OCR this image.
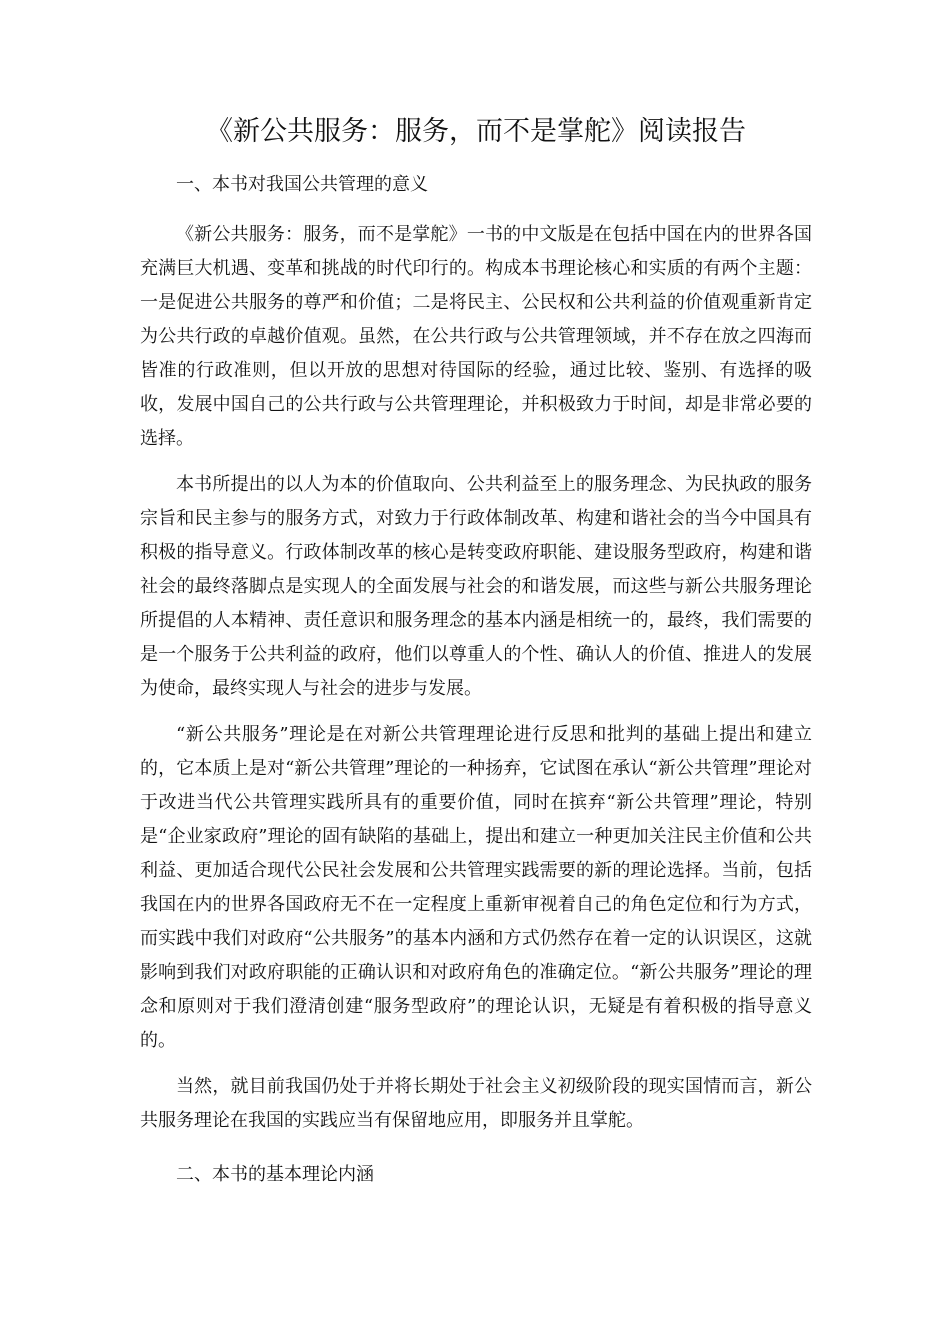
《新公共服务：服务，而不是掌舵》阅读报告

一、本书对我国公共管理的意义

《新公共服务：服务，而不是掌舵》一书的中文版是在包括中国在内的世界各国充满巨大机遇、变革和挑战的时代印行的。构成本书理论核心和实质的有两个主题：一是促进公共服务的尊严和价值；二是将民主、公民权和公共利益的价值观重新肯定为公共行政的卓越价值观。虽然，在公共行政与公共管理领域，并不存在放之四海而皆准的行政准则，但以开放的思想对待国际的经验，通过比较、鉴别、有选择的吸收，发展中国自己的公共行政与公共管理理论，并积极致力于时间，却是非常必要的选择。

本书所提出的以人为本的价值取向、公共利益至上的服务理念、为民执政的服务宗旨和民主参与的服务方式，对致力于行政体制改革、构建和谐社会的当今中国具有积极的指导意义。行政体制改革的核心是转变政府职能、建设服务型政府，构建和谐社会的最终落脚点是实现人的全面发展与社会的和谐发展，而这些与新公共服务理论所提倡的人本精神、责任意识和服务理念的基本内涵是相统一的，最终，我们需要的是一个服务于公共利益的政府，他们以尊重人的个性、确认人的价值、推进人的发展为使命，最终实现人与社会的进步与发展。

“新公共服务”理论是在对新公共管理理论进行反思和批判的基础上提出和建立的，它本质上是对“新公共管理”理论的一种扬弃，它试图在承认“新公共管理”理论对于改进当代公共管理实践所具有的重要价值，同时在摈弃“新公共管理”理论，特别是“企业家政府”理论的固有缺陷的基础上，提出和建立一种更加关注民主价值和公共利益、更加适合现代公民社会发展和公共管理实践需要的新的理论选择。当前，包括我国在内的世界各国政府无不在一定程度上重新审视着自己的角色定位和行为方式，而实践中我们对政府“公共服务”的基本内涵和方式仍然存在着一定的认识误区，这就影响到我们对政府职能的正确认识和对政府角色的准确定位。“新公共服务”理论的理念和原则对于我们澄清创建“服务型政府”的理论认识，无疑是有着积极的指导意义的。

当然，就目前我国仍处于并将长期处于社会主义初级阶段的现实国情而言，新公共服务理论在我国的实践应当有保留地应用，即服务并且掌舵。

二、本书的基本理论内涵
